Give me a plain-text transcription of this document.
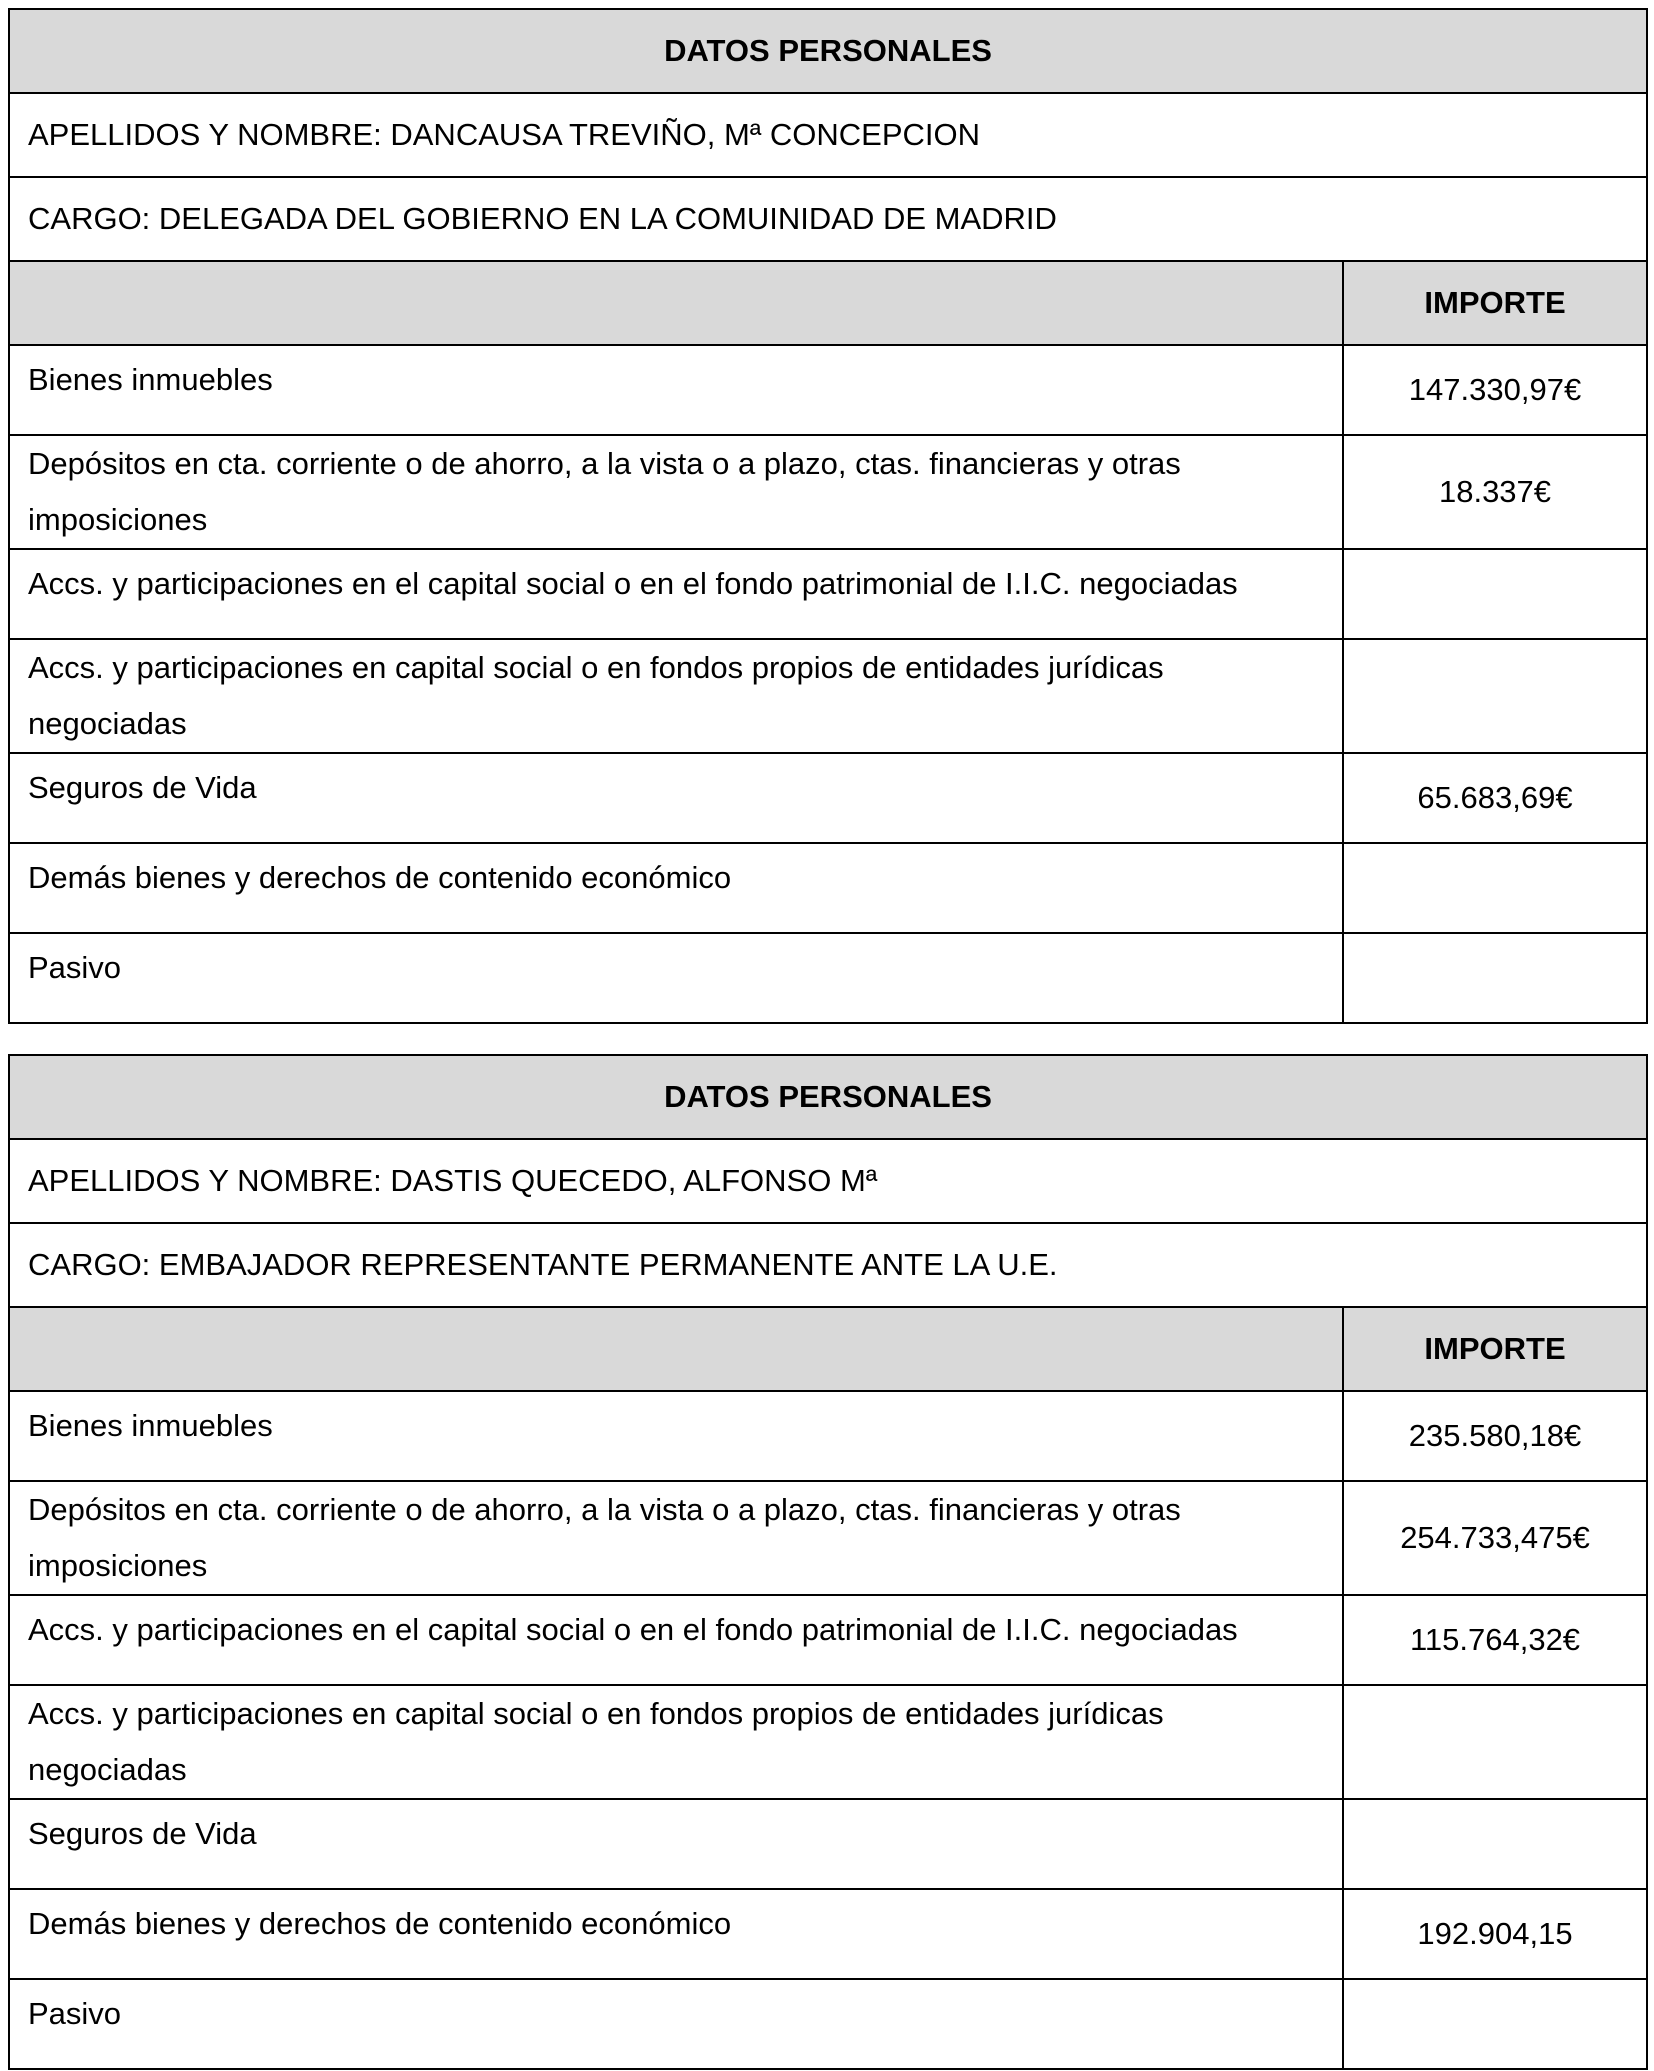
DATOS PERSONALES	
APELLIDOS Y NOMBRE: DANCAUSA TREVIÑO, Mª CONCEPCION	
CARGO: DELEGADA DEL GOBIERNO EN LA COMUINIDAD DE MADRID	
	IMPORTE
Bienes inmuebles	147.330,97€
Depósitos en cta. corriente o de ahorro, a la vista o a plazo, ctas. financieras y otras imposiciones	18.337€
Accs. y participaciones en el capital social o en el fondo patrimonial de I.I.C. negociadas	
Accs. y participaciones en capital social o en fondos propios de entidades jurídicas negociadas	
Seguros de Vida	65.683,69€
Demás bienes y derechos de contenido económico	
Pasivo	
DATOS PERSONALES	
APELLIDOS Y NOMBRE: DASTIS QUECEDO, ALFONSO Mª	
CARGO: EMBAJADOR REPRESENTANTE PERMANENTE ANTE LA U.E.	
	IMPORTE
Bienes inmuebles	235.580,18€
Depósitos en cta. corriente o de ahorro, a la vista o a plazo, ctas. financieras y otras imposiciones	254.733,475€
Accs. y participaciones en el capital social o en el fondo patrimonial de I.I.C. negociadas	115.764,32€
Accs. y participaciones en capital social o en fondos propios de entidades jurídicas negociadas	
Seguros de Vida	
Demás bienes y derechos de contenido económico	192.904,15
Pasivo	
